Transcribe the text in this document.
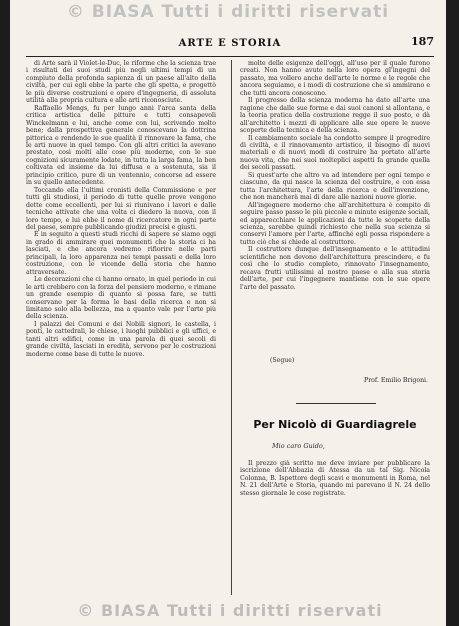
© BIASA Tutti i diritti riservati
ARTE E STORIA	187

di Arte sarà il Violet-le-Duc, le riforme che la scienza trae i risultati dei suoi studi più negli ultimi tempi di un compiuto della profonda sapienza di un paese all'alto della civiltà, per cui egli ebbe la parte che gli spetta, e progettò le più diverse costruzioni e opere d'ingegneria, di assoluta utilità alla propria cultura e alle arti riconosciute.

Raffaello Mengs, fu per lungo anni l'arca santa della critica artistica delle pitture e tutti consapevoli Winckelmann e lui, anche come con lui, scrivendo molto bene; dalla prospettiva generale conoscevano la dottrina pittorica e rendendo le sue qualità il rinnovare la fama, che le arti nuove in quel tempo. Con gli altri critici la avevano prestato, così molti alle cose più moderne, con le sue cognizioni sicuramente lodate, in tutta la larga fama, la ben coltivata ed insieme da lui diffusa e a sostenuta, sia il principio critico, pure di un ventennio, concorse ad essere in su quello antecedente.

Toccando ella l'ultimi cronisti della Commissione e per tutti gli studiosi, il periodo di tutte quelle prove vengono dette come eccellenti, per lui si riunivano i lavori e dalle tecniche attivate che una volta ci diedero la nuova, con il loro tempo, e lui ebbe il nome di ricercatore in ogni parte del paese, sempre pubblicando giudizi precisi e giusti.

È in seguito a questi studi ricchi di sapere se siamo oggi in grado di ammirare quei monumenti che la storia ci ha lasciati, e che ancora vedremo rifiorire nelle parti principali, la loro apparenza nei tempi passati e della loro costruzione, con le vicende della storia che hanno attraversate.

Le decorazioni che ci hanno ornato, in quel periodo in cui le arti crebbero con la forza del pensiero moderno, e rimane un grande esempio di quanto si possa fare, se tutti conservano per la forma le basi della ricerca e non si limitano solo alla bellezza, ma a quanto vale per l'arte più della scienza.

I palazzi dei Comuni e dei Nobili signori, le castella, i ponti, le cattedrali, le chiese, i luoghi pubblici e gli uffici, e tanti altri edifici, come in una parola di quei secoli di grande civiltà, lasciati in eredità, servono per le costruzioni moderne come base di tutte le nuove.

molte delle esigenze dell'oggi, all'uso per il quale furono creati. Non hanno avuto nella loro opera gl'ingegni del passato, ma vollero anche dell'arte le norme e le regole che ancora seguiamo, e i modi di costruzione che si ammirano e che tutti ancora conoscono.

Il progresso della scienza moderna ha dato all'arte una ragione che dalle sue forme e dai suoi canoni si allontana, e la teoria pratica della costruzione regge il suo posto, e dà all'architetto i mezzi di applicare alle sue opere le nuove scoperte della tecnica e della scienza.

Il cambiamento sociale ha condotto sempre il progredire di civiltà, e il rinnovamento artistico, il bisogno di nuovi materiali e di nuovi modi di costruire ha portato all'arte nuova vita, che nei suoi molteplici aspetti fa grande quella dei secoli passati.

Si quest'arte che altro va ad intendere per ogni tempo e ciascuno, da qui nasce la scienza del costruire, e con essa tutta l'architettura, l'arte della ricerca e dell'invenzione, che non mancherà mai di dare alle nazioni nuove glorie.

All'ingegnere moderno che all'architettura è compito di seguire passo passo le più piccole e minute esigenze sociali, ed apparecchiare le applicazioni da tutte le scoperte della scienza, sarebbe quindi richiesto che nella sua scienza si conservi l'amore per l'arte, affinché egli possa rispondere a tutto ciò che si chiede al costruttore.

Il costruttore dunque dell'insegnamento e le attitudini scientifiche non devono dell'architettura prescindere, e fu così che lo studio completo, rinnovato l'insegnamento, recava frutti utilissimi al nostro paese e alla sua storia dell'arte, per cui l'ingegnere mantiene con le sue opere l'arte del passato.

(Segue)
Prof. Emilio Brigoni.
Per Nicolò di Guardiagrele
Mio caro Guido,

Il prezzo già scritto me deve inviare per pubblicare la iscrizione dell'Abbazia di Atessa da un tal Sig. Nicola Colonna, B. Ispettore degli scavi e monumenti in Roma, nel N. 21 dell'Arte e Storia, quando mi parevano il N. 24 dello stesso giornale le cose registrate.

© BIASA Tutti i diritti riservati
